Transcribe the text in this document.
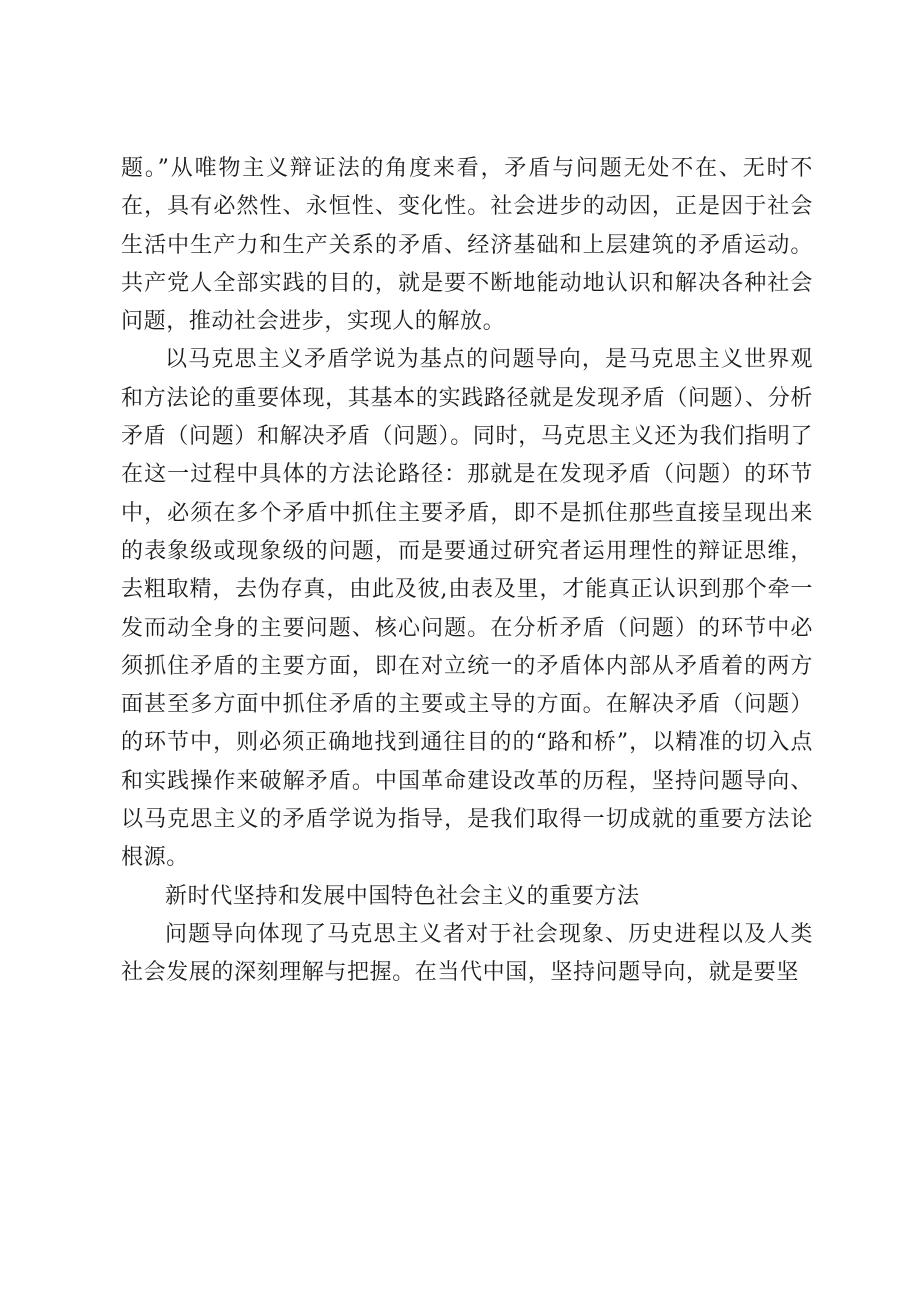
题。”从唯物主义辩证法的角度来看，矛盾与问题无处不在、无时不在，具有必然性、永恒性、变化性。社会进步的动因，正是因于社会生活中生产力和生产关系的矛盾、经济基础和上层建筑的矛盾运动。共产党人全部实践的目的，就是要不断地能动地认识和解决各种社会问题，推动社会进步，实现人的解放。

以马克思主义矛盾学说为基点的问题导向，是马克思主义世界观和方法论的重要体现，其基本的实践路径就是发现矛盾（问题）、分析矛盾（问题）和解决矛盾（问题）。同时，马克思主义还为我们指明了在这一过程中具体的方法论路径：那就是在发现矛盾（问题）的环节中，必须在多个矛盾中抓住主要矛盾，即不是抓住那些直接呈现出来的表象级或现象级的问题，而是要通过研究者运用理性的辩证思维，去粗取精，去伪存真，由此及彼,由表及里，才能真正认识到那个牵一发而动全身的主要问题、核心问题。在分析矛盾（问题）的环节中必须抓住矛盾的主要方面，即在对立统一的矛盾体内部从矛盾着的两方面甚至多方面中抓住矛盾的主要或主导的方面。在解决矛盾（问题）的环节中，则必须正确地找到通往目的的“路和桥”，以精准的切入点和实践操作来破解矛盾。中国革命建设改革的历程，坚持问题导向、以马克思主义的矛盾学说为指导，是我们取得一切成就的重要方法论根源。

新时代坚持和发展中国特色社会主义的重要方法

问题导向体现了马克思主义者对于社会现象、历史进程以及人类社会发展的深刻理解与把握。在当代中国，坚持问题导向，就是要坚
